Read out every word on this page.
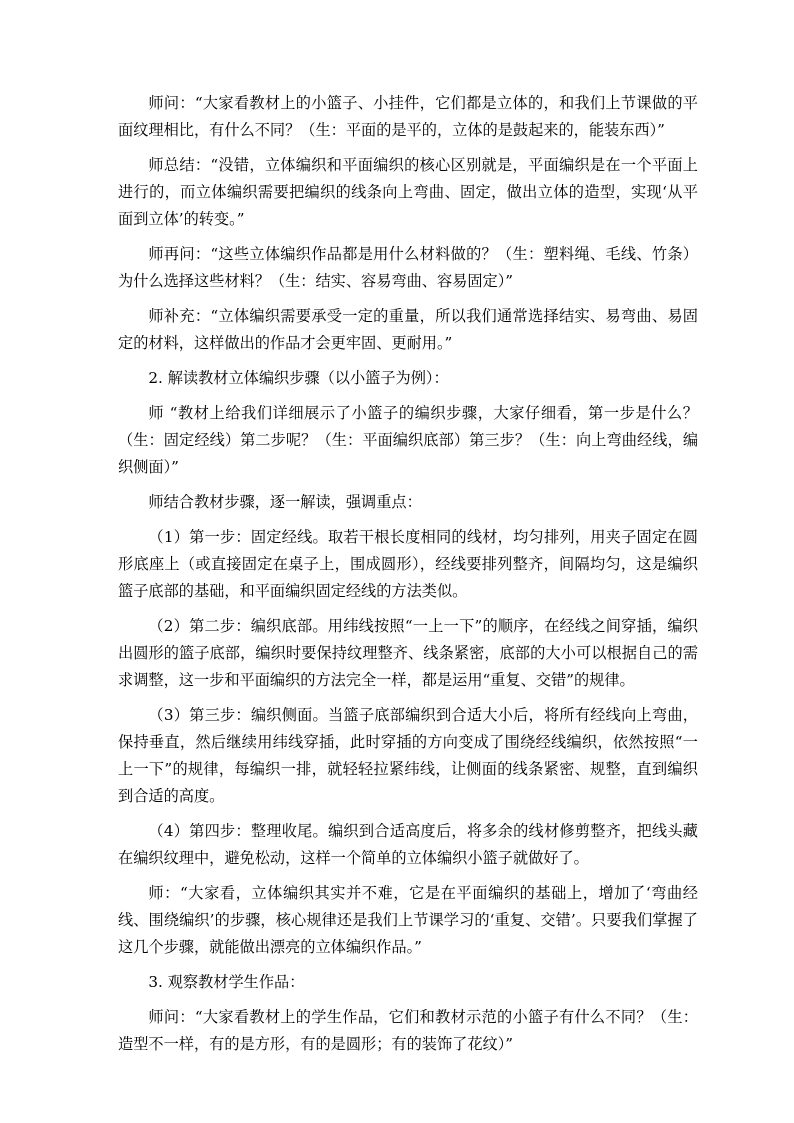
师问：“大家看教材上的小篮子、小挂件，它们都是立体的，和我们上节课做的平面纹理相比，有什么不同？（生：平面的是平的，立体的是鼓起来的，能装东西）”

师总结：“没错，立体编织和平面编织的核心区别就是，平面编织是在一个平面上进行的，而立体编织需要把编织的线条向上弯曲、固定，做出立体的造型，实现‘从平面到立体’的转变。”

师再问：“这些立体编织作品都是用什么材料做的？（生：塑料绳、毛线、竹条）为什么选择这些材料？（生：结实、容易弯曲、容易固定）”

师补充：“立体编织需要承受一定的重量，所以我们通常选择结实、易弯曲、易固定的材料，这样做出的作品才会更牢固、更耐用。”

2. 解读教材立体编织步骤（以小篮子为例）：

师 “教材上给我们详细展示了小篮子的编织步骤，大家仔细看，第一步是什么？（生：固定经线）第二步呢？（生：平面编织底部）第三步？（生：向上弯曲经线，编织侧面）”

师结合教材步骤，逐一解读，强调重点：

（1）第一步：固定经线。取若干根长度相同的线材，均匀排列，用夹子固定在圆形底座上（或直接固定在桌子上，围成圆形），经线要排列整齐，间隔均匀，这是编织篮子底部的基础，和平面编织固定经线的方法类似。

（2）第二步：编织底部。用纬线按照“一上一下”的顺序，在经线之间穿插，编织出圆形的篮子底部，编织时要保持纹理整齐、线条紧密，底部的大小可以根据自己的需求调整，这一步和平面编织的方法完全一样，都是运用“重复、交错”的规律。

（3）第三步：编织侧面。当篮子底部编织到合适大小后，将所有经线向上弯曲，保持垂直，然后继续用纬线穿插，此时穿插的方向变成了围绕经线编织，依然按照“一上一下”的规律，每编织一排，就轻轻拉紧纬线，让侧面的线条紧密、规整，直到编织到合适的高度。

（4）第四步：整理收尾。编织到合适高度后，将多余的线材修剪整齐，把线头藏在编织纹理中，避免松动，这样一个简单的立体编织小篮子就做好了。

师：“大家看，立体编织其实并不难，它是在平面编织的基础上，增加了‘弯曲经线、围绕编织’的步骤，核心规律还是我们上节课学习的‘重复、交错’。只要我们掌握了这几个步骤，就能做出漂亮的立体编织作品。”

3. 观察教材学生作品：

师问：“大家看教材上的学生作品，它们和教材示范的小篮子有什么不同？（生：造型不一样，有的是方形，有的是圆形；有的装饰了花纹）”
